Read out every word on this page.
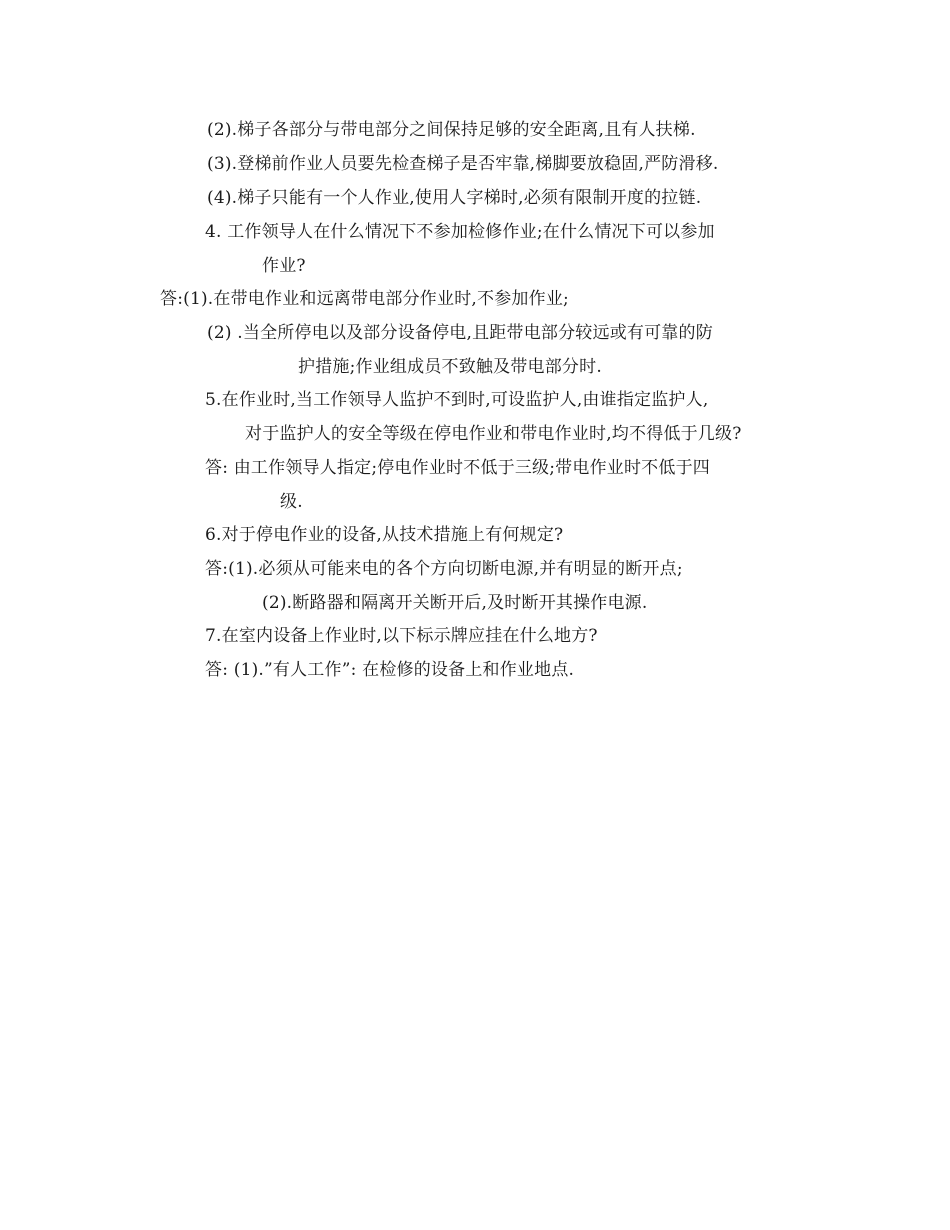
(2).梯子各部分与带电部分之间保持足够的安全距离,且有人扶梯.
(3).登梯前作业人员要先检查梯子是否牢靠,梯脚要放稳固,严防滑移.
(4).梯子只能有一个人作业,使用人字梯时,必须有限制开度的拉链.
4. 工作领导人在什么情况下不参加检修作业;在什么情况下可以参加
作业?
答:(1).在带电作业和远离带电部分作业时,不参加作业;
(2) .当全所停电以及部分设备停电,且距带电部分较远或有可靠的防
护措施;作业组成员不致触及带电部分时.
5.在作业时,当工作领导人监护不到时,可设监护人,由谁指定监护人,
对于监护人的安全等级在停电作业和带电作业时,均不得低于几级?
答: 由工作领导人指定;停电作业时不低于三级;带电作业时不低于四
级.
6.对于停电作业的设备,从技术措施上有何规定?
答:(1).必须从可能来电的各个方向切断电源,并有明显的断开点;
(2).断路器和隔离开关断开后,及时断开其操作电源.
7.在室内设备上作业时,以下标示牌应挂在什么地方?
答: (1).”有人工作”: 在检修的设备上和作业地点.
